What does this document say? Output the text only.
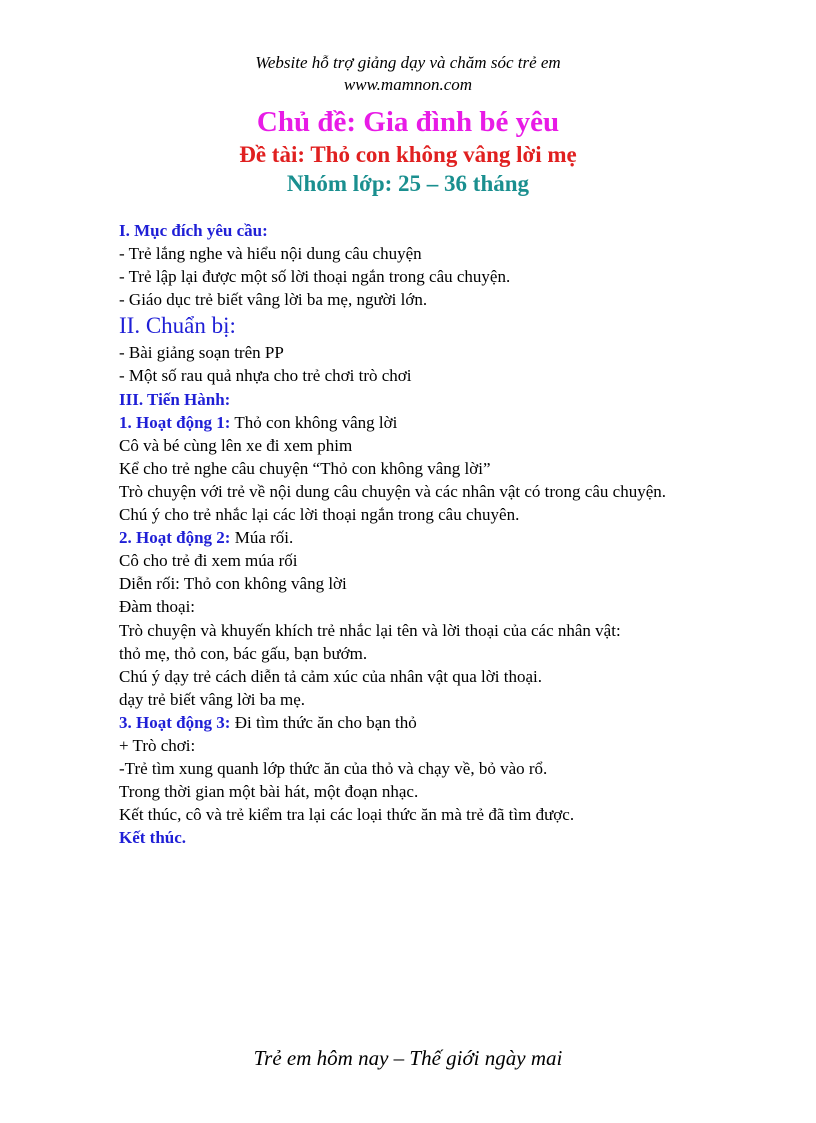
Website hỗ trợ giảng dạy và chăm sóc trẻ em
www.mamnon.com
Chủ đề: Gia đình bé yêu
Đề tài: Thỏ con không vâng lời mẹ
Nhóm lớp: 25 – 36 tháng

I. Mục đích yêu cầu:

- Trẻ lắng nghe và hiểu nội dung câu chuyện

- Trẻ lập lại được một số lời thoại ngắn trong câu chuyện.

- Giáo dục trẻ biết vâng lời ba mẹ, người lớn.

II. Chuẩn bị:

- Bài giảng soạn trên PP

- Một số rau quả nhựa cho trẻ chơi trò chơi

III. Tiến Hành:

1. Hoạt động 1: Thỏ con không vâng lời

Cô và bé cùng lên xe đi xem phim

Kể cho trẻ nghe câu chuyện “Thỏ con không vâng lời”

Trò chuyện với trẻ về nội dung câu chuyện và các nhân vật có trong câu chuyện.

Chú ý cho trẻ nhắc lại các lời thoại ngắn trong câu chuyên.

2. Hoạt động 2: Múa rối.

Cô cho trẻ đi xem múa rối

Diễn rối: Thỏ con không vâng lời

Đàm thoại:

Trò chuyện và khuyến khích trẻ nhắc lại tên và lời thoại của các nhân vật:

thỏ mẹ, thỏ con, bác gấu, bạn bướm.

Chú ý dạy trẻ cách diễn tả cảm xúc của nhân vật qua lời thoại.

dạy trẻ biết vâng lời ba mẹ.

3. Hoạt động 3: Đi tìm thức ăn cho bạn thỏ

+ Trò chơi:

-Trẻ tìm xung quanh lớp thức ăn của thỏ và chạy về, bỏ vào rổ.

Trong thời gian một bài hát, một đoạn nhạc.

Kết thúc, cô và trẻ kiểm tra lại các loại thức ăn mà trẻ đã tìm được.

Kết thúc.

Trẻ em hôm nay – Thế giới ngày mai
